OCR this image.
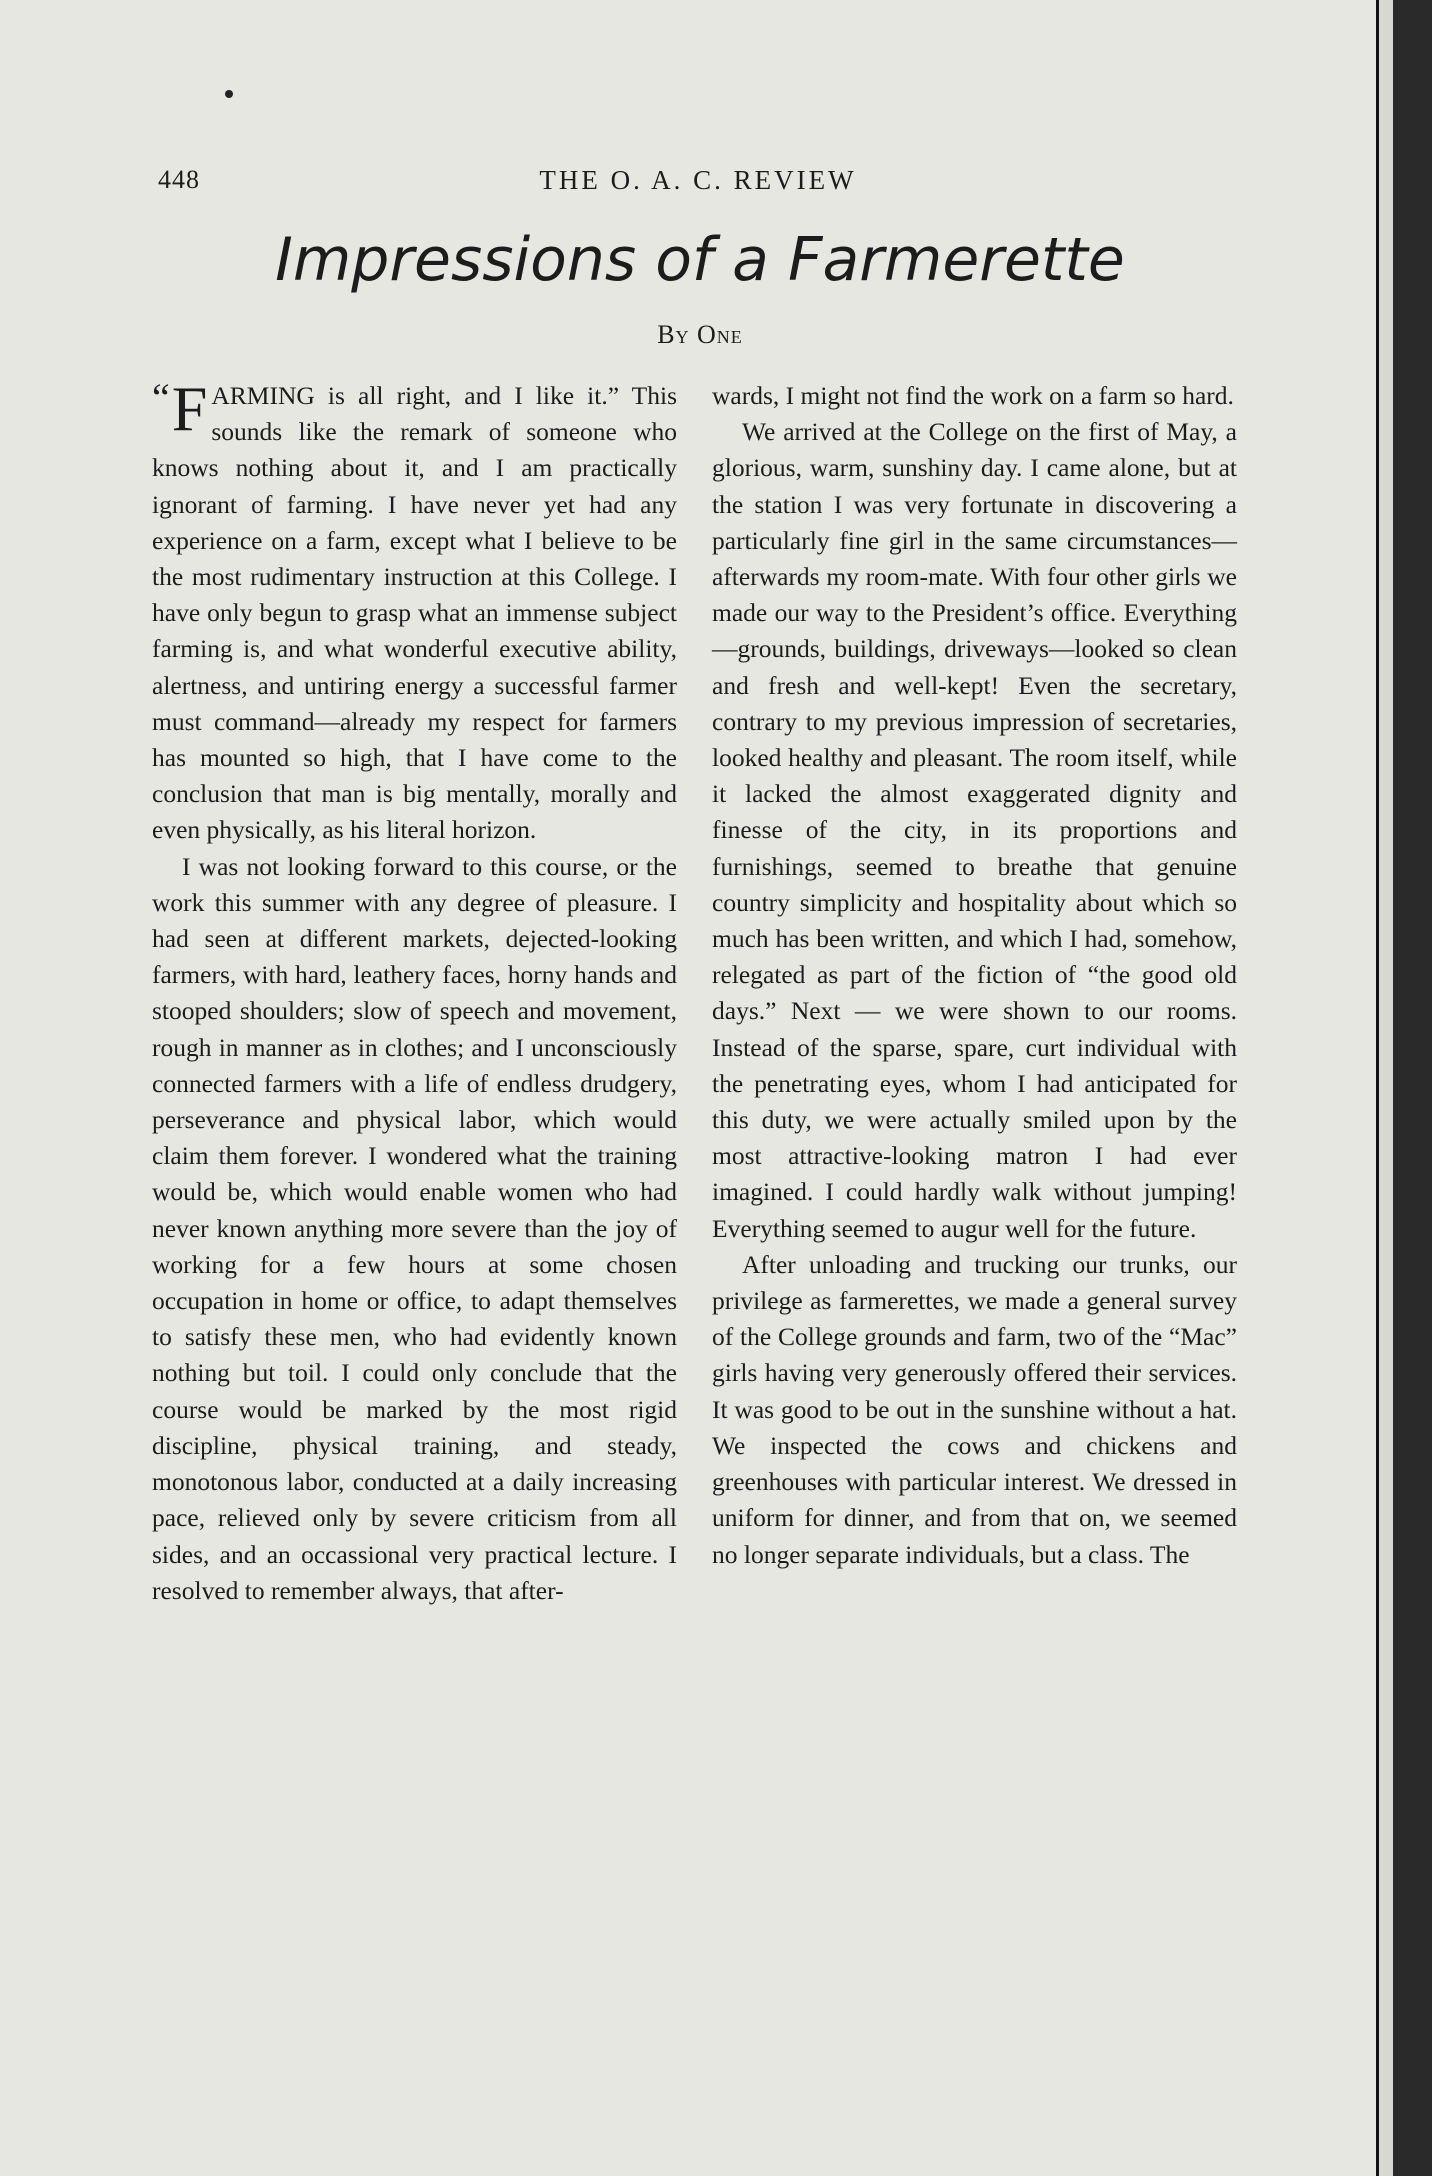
448	THE O. A. C. REVIEW
Impressions of a Farmerette
By One

“ F ARMING is all right, and I like it.” This sounds like the remark of someone who knows nothing about it, and I am practically ignorant of farming. I have never yet had any experience on a farm, except what I believe to be the most rudimentary instruction at this College. I have only begun to grasp what an immense subject farming is, and what wonderful executive ability, alertness, and untiring energy a successful farmer must command—already my respect for farmers has mounted so high, that I have come to the conclusion that man is big mentally, morally and even physically, as his literal horizon.

I was not looking forward to this course, or the work this summer with any degree of pleasure. I had seen at different markets, dejected-looking farmers, with hard, leathery faces, horny hands and stooped shoulders; slow of speech and movement, rough in manner as in clothes; and I unconsciously connected farmers with a life of endless drudgery, perseverance and physical labor, which would claim them forever. I wondered what the training would be, which would enable women who had never known anything more severe than the joy of working for a few hours at some chosen occupation in home or office, to adapt themselves to satisfy these men, who had evidently known nothing but toil. I could only conclude that the course would be marked by the most rigid discipline, physical training, and steady, monotonous labor, conducted at a daily increasing pace, relieved only by severe criticism from all sides, and an occassional very practical lecture. I resolved to remember always, that after-

wards, I might not find the work on a farm so hard.

We arrived at the College on the first of May, a glorious, warm, sunshiny day. I came alone, but at the station I was very fortunate in discovering a particularly fine girl in the same circumstances—afterwards my room-mate. With four other girls we made our way to the President’s office. Everything—grounds, buildings, driveways—looked so clean and fresh and well-kept! Even the secretary, contrary to my previous impression of secretaries, looked healthy and pleasant. The room itself, while it lacked the almost exaggerated dignity and finesse of the city, in its proportions and furnishings, seemed to breathe that genuine country simplicity and hospitality about which so much has been written, and which I had, somehow, relegated as part of the fiction of “the good old days.” Next — we were shown to our rooms. Instead of the sparse, spare, curt individual with the penetrating eyes, whom I had anticipated for this duty, we were actually smiled upon by the most attractive-looking matron I had ever imagined. I could hardly walk without jumping! Everything seemed to augur well for the future.

After unloading and trucking our trunks, our privilege as farmerettes, we made a general survey of the College grounds and farm, two of the “Mac” girls having very generously offered their services. It was good to be out in the sunshine without a hat. We inspected the cows and chickens and greenhouses with particular interest. We dressed in uniform for dinner, and from that on, we seemed no longer separate individuals, but a class. The
